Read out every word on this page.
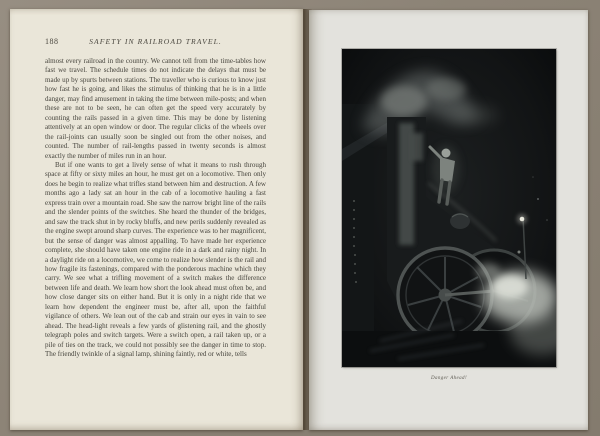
188	SAFETY IN RAILROAD TRAVEL.

almost every railroad in the country. We cannot tell from the time-tables how fast we travel. The schedule times do not indicate the delays that must be made up by spurts between stations. The traveller who is curious to know just how fast he is going, and likes the stimulus of thinking that he is in a little danger, may find amusement in taking the time between mile-posts; and when these are not to be seen, he can often get the speed very accurately by counting the rails passed in a given time. This may be done by listening attentively at an open window or door. The regular clicks of the wheels over the rail-joints can usually soon be singled out from the other noises, and counted. The number of rail-lengths passed in twenty seconds is almost exactly the number of miles run in an hour.

But if one wants to get a lively sense of what it means to rush through space at fifty or sixty miles an hour, he must get on a locomotive. Then only does he begin to realize what trifles stand between him and destruction. A few months ago a lady sat an hour in the cab of a locomotive hauling a fast express train over a mountain road. She saw the narrow bright line of the rails and the slender points of the switches. She heard the thunder of the bridges, and saw the track shut in by rocky bluffs, and new perils suddenly revealed as the engine swept around sharp curves. The experience was to her magnificent, but the sense of danger was almost appalling. To have made her experience complete, she should have taken one engine ride in a dark and rainy night. In a daylight ride on a locomotive, we come to realize how slender is the rail and how fragile its fastenings, compared with the ponderous machine which they carry. We see what a trifling movement of a switch makes the difference between life and death. We learn how short the look ahead must often be, and how close danger sits on either hand. But it is only in a night ride that we learn how dependent the engineer must be, after all, upon the faithful vigilance of others. We lean out of the cab and strain our eyes in vain to see ahead. The head-light reveals a few yards of glistening rail, and the ghostly telegraph poles and switch targets. Were a switch open, a rail taken up, or a pile of ties on the track, we could not possibly see the danger in time to stop. The friendly twinkle of a signal lamp, shining faintly, red or white, tells

Danger Ahead!
